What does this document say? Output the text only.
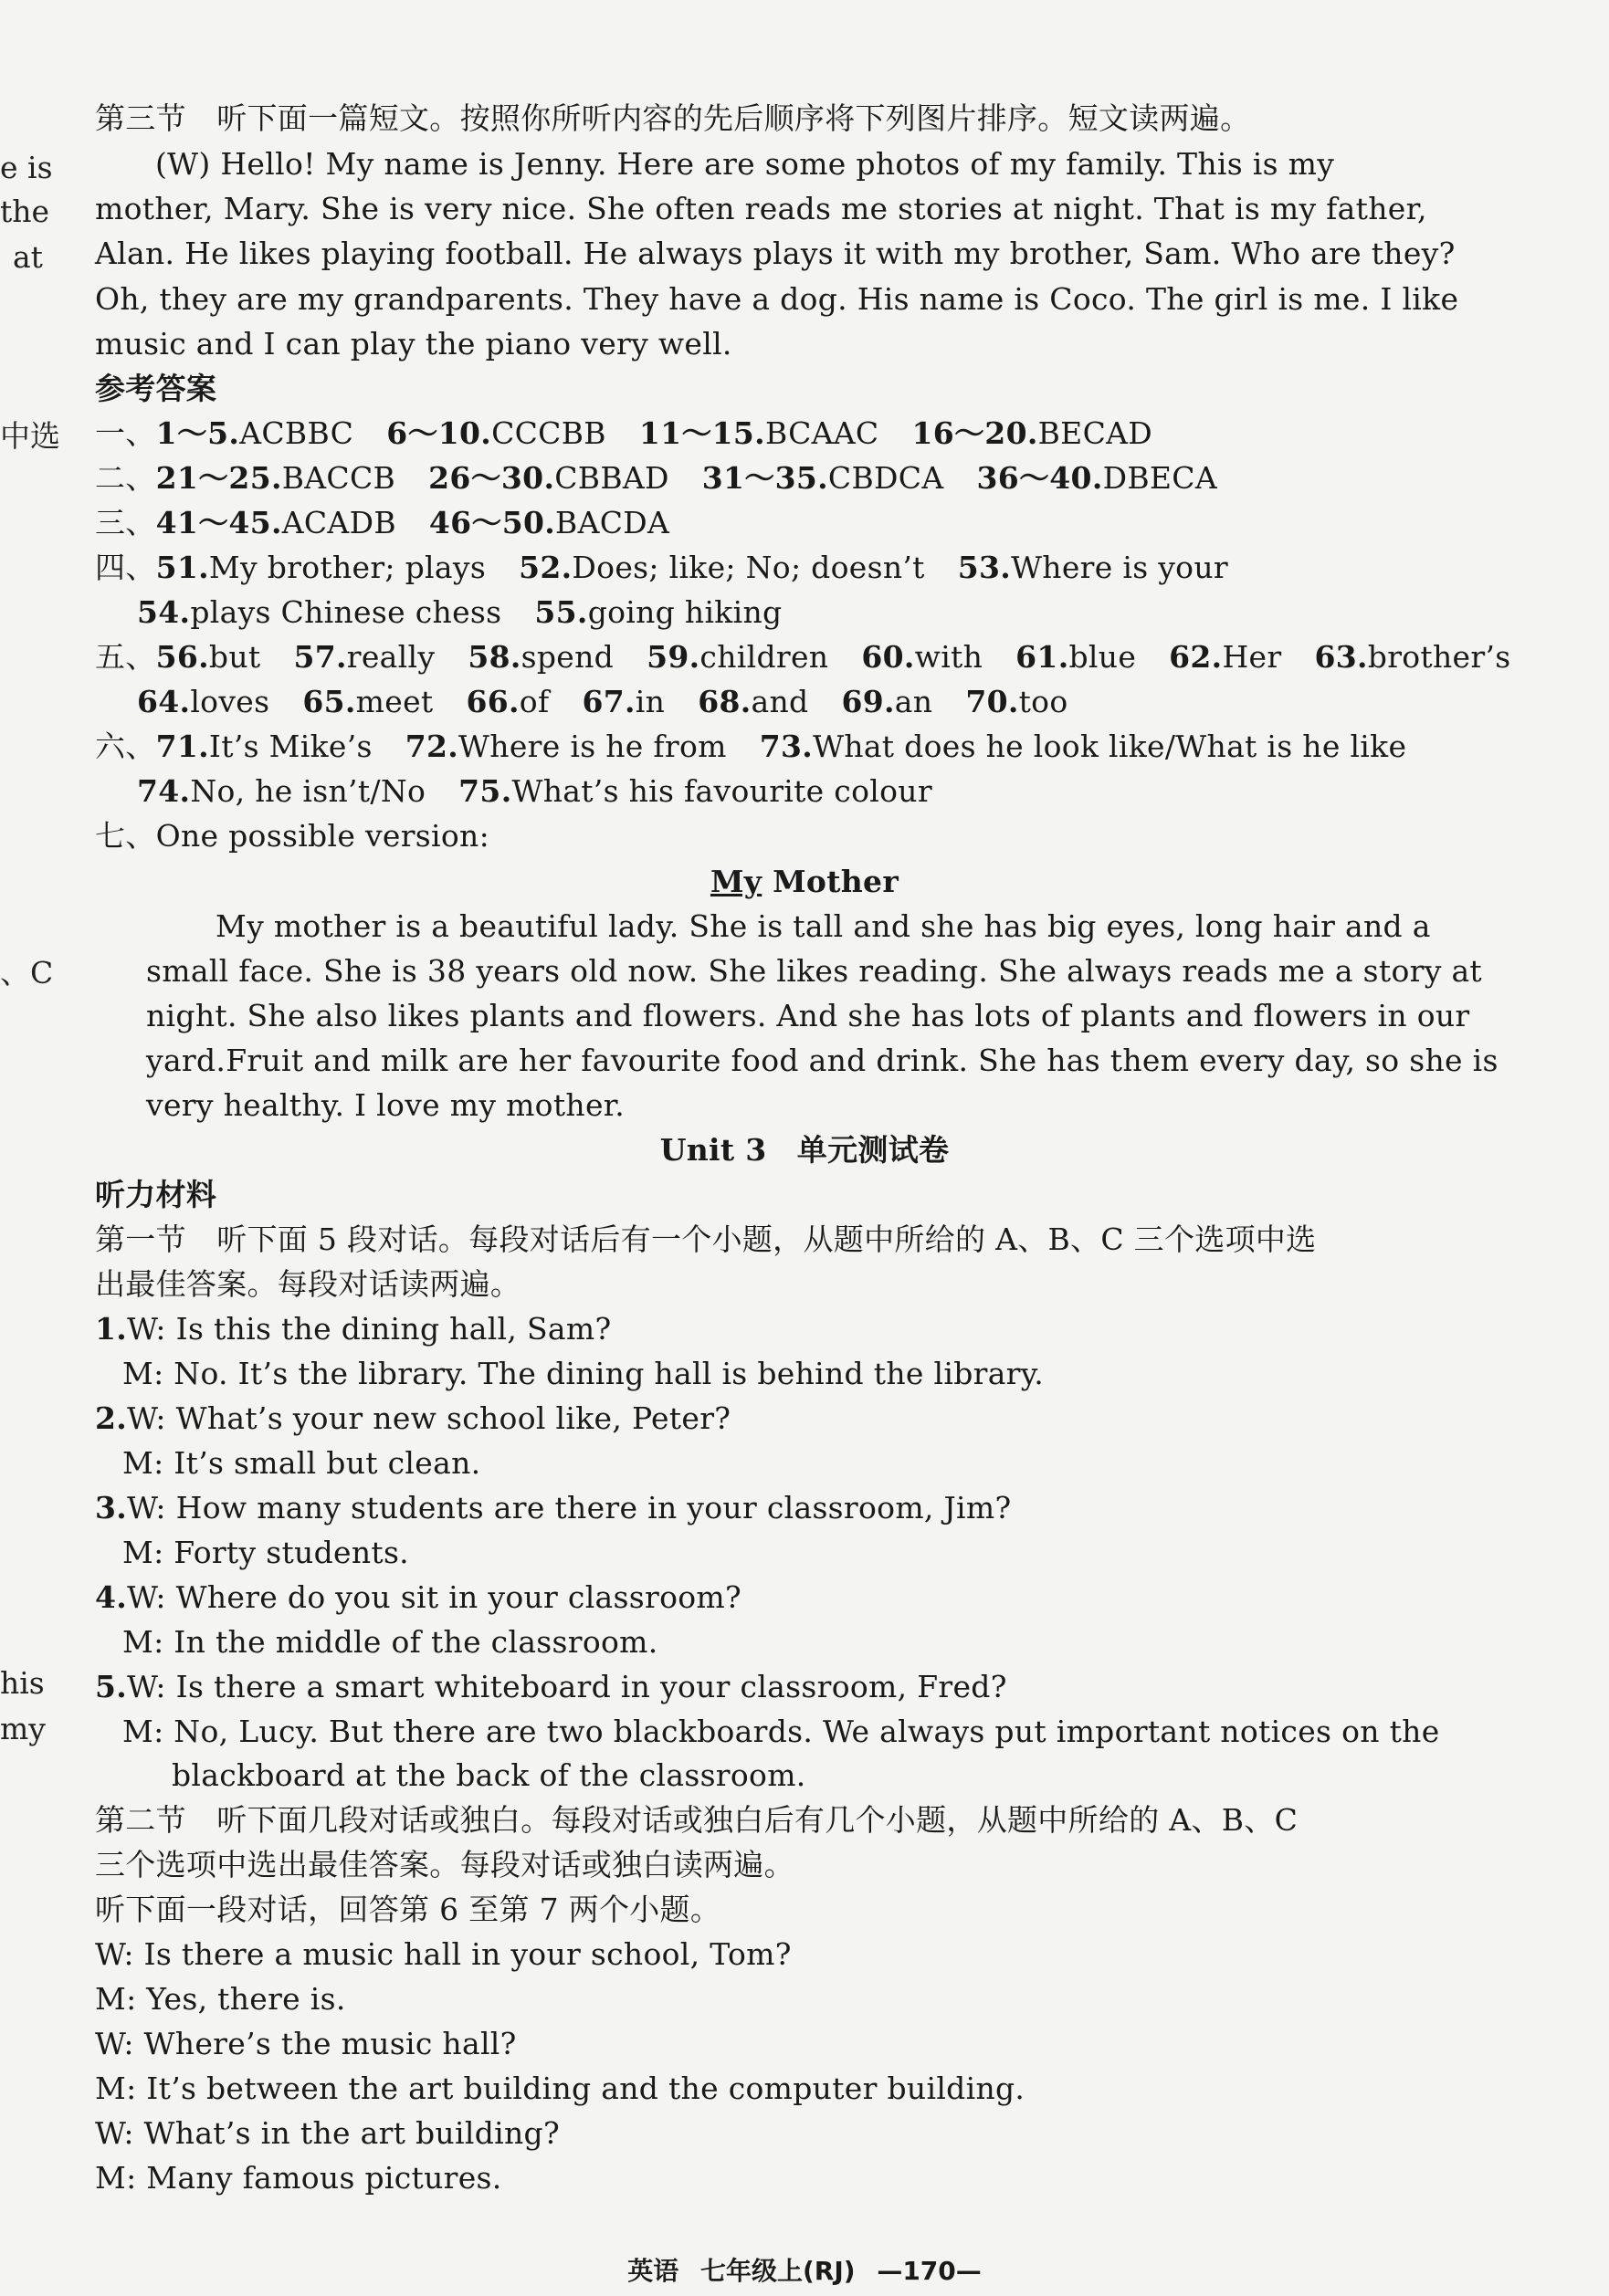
e is
the
at
中选
、C
his
my
第三节　听下面一篇短文。按照你所听内容的先后顺序将下列图片排序。短文读两遍。
(W) Hello! My name is Jenny. Here are some photos of my family. This is my
mother, Mary. She is very nice. She often reads me stories at night. That is my father,
Alan. He likes playing football. He always plays it with my brother, Sam. Who are they?
Oh, they are my grandparents. They have a dog. His name is Coco. The girl is me. I like
music and I can play the piano very well.
参考答案
一、1～5.ACBBC 6～10.CCCBB 11～15.BCAAC 16～20.BECAD
二、21～25.BACCB 26～30.CBBAD 31～35.CBDCA 36～40.DBECA
三、41～45.ACADB 46～50.BACDA
四、51.My brother; plays 52.Does; like; No; doesn’t 53.Where is your
54.plays Chinese chess 55.going hiking
五、56.but 57.really 58.spend 59.children 60.with 61.blue 62.Her 63.brother’s
64.loves 65.meet 66.of 67.in 68.and 69.an 70.too
六、71.It’s Mike’s 72.Where is he from 73.What does he look like/What is he like
74.No, he isn’t/No 75.What’s his favourite colour
七、One possible version:
My Mother
My mother is a beautiful lady. She is tall and she has big eyes, long hair and a
small face. She is 38 years old now. She likes reading. She always reads me a story at
night. She also likes plants and flowers. And she has lots of plants and flowers in our
yard.Fruit and milk are her favourite food and drink. She has them every day, so she is
very healthy. I love my mother.
Unit 3　单元测试卷
听力材料
第一节　听下面 5 段对话。每段对话后有一个小题，从题中所给的 A、B、C 三个选项中选
出最佳答案。每段对话读两遍。
1.W: Is this the dining hall, Sam?
M: No. It’s the library. The dining hall is behind the library.
2.W: What’s your new school like, Peter?
M: It’s small but clean.
3.W: How many students are there in your classroom, Jim?
M: Forty students.
4.W: Where do you sit in your classroom?
M: In the middle of the classroom.
5.W: Is there a smart whiteboard in your classroom, Fred?
M: No, Lucy. But there are two blackboards. We always put important notices on the
blackboard at the back of the classroom.
第二节　听下面几段对话或独白。每段对话或独白后有几个小题，从题中所给的 A、B、C
三个选项中选出最佳答案。每段对话或独白读两遍。
听下面一段对话，回答第 6 至第 7 两个小题。
W: Is there a music hall in your school, Tom?
M: Yes, there is.
W: Where’s the music hall?
M: It’s between the art building and the computer building.
W: What’s in the art building?
M: Many famous pictures.
英语 七年级上(RJ) —170—
